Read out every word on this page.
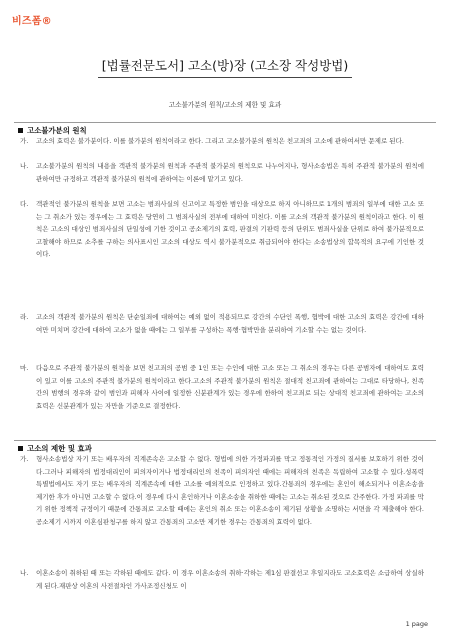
비즈폼®
[법률전문도서] 고소(방)장 (고소장 작성방법)
고소불가분의 원칙/고소의 제한 및 효과
고소불가분의 원칙
가. 고소의 효력은 불가분이다. 이를 불가분의 원칙이라고 한다. 그리고 고소불가분의 원칙은 친고죄의 고소에 관하여서만 문제로 된다.
나. 고소불가분의 원칙의 내용을 객관적 불가분의 원칙과 주관적 불가분의 원칙으로 나누어지나, 형사소송법은 특히 주관적 불가분의 원칙에 관하여만 규정하고 객관적 불가분의 원칙에 관하여는 이론에 맡기고 있다.
다. 객관적인 불가분의 원칙을 보면 고소는 범죄사실의 신고이고 특정한 범인을 대상으로 하지 아니하므로 1개의 범죄의 일부에 대한 고소 또는 그 취소가 있는 경우에는 그 효력은 당연히 그 범죄사실의 전부에 대하여 미친다. 이를 고소의 객관적 불가분의 원칙이라고 한다. 이 원칙은 고소의 대상인 범죄사실의 단일성에 기한 것이고 공소제기의 효력, 판결의 기판력 등의 단위도 범죄사실을 단위로 하여 불가분적으로 고찰해야 하므로 소추를 구하는 의사표시인 고소의 대상도 역시 불가분적으로 취급되어야 한다는 소송법상의 합목적의 요구에 기인한 것이다.
라. 고소의 객관적 불가분의 원칙은 단순일죄에 대하여는 예외 없이 적용되므로 강간의 수단인 폭행, 협박에 대한 고소의 효력은 강간에 대하여만 미치며 강간에 대하여 고소가 없을 때에는 그 일부를 구성하는 폭행·협박만을 분리하여 기소할 수는 없는 것이다.
마. 다음으로 주관적 불가분의 원칙을 보면 친고죄의 공범 중 1인 또는 수인에 대한 고소 또는 그 취소의 경우는 다른 공범자에 대하여도 효력이 있고 이를 고소의 주관적 불가분의 원칙이라고 한다.고소의 주관적 불가분의 원칙은 절대적 친고죄에 관하여는 그대로 타당하나, 친족 간의 범행의 경우와 같이 범인과 피해자 사이에 일정한 신분관계가 있는 경우에 한하여 친고죄로 되는 상대적 친고죄에 관하여는 고소의 효력은 신분관계가 있는 자만을 기준으로 결정한다.
고소의 제한 및 효과
가. 형사소송법상 자기 또는 배우자의 직계존속은 고소할 수 없다. 형법에 의한 가정파괴를 막고 정통적인 가정의 질서를 보호하기 위한 것이다.그러나 피해자의 법정대리인이 피의자이거나 법정대리인의 친족이 피의자인 때에는 피해자의 친족은 독립하여 고소할 수 있다.성폭력특별법에서도 자기 또는 배우자의 직계존속에 대한 고소를 예외적으로 인정하고 있다.간통죄의 경우에는 혼인이 해소되거나 이혼소송을 제기한 후가 아니면 고소할 수 없다.이 경우에 다시 혼인하거나 이혼소송을 취하한 때에는 고소는 취소된 것으로 간주한다. 가정 파괴를 막기 위한 정책적 규정이기 때문에 간통죄로 고소할 때에는 혼인의 취소 또는 이혼소송이 제기된 상황을 소명하는 서면을 각 제출해야 한다.공소제기 시까지 이혼심판청구를 하지 않고 간통죄의 고소만 제기한 경우는 간통죄의 효력이 없다.
나. 이혼소송이 취하된 때 또는 각하된 때에도 같다. 이 경우 이혼소송의 취하·각하는 제1심 판결선고 후일지라도 고소효력은 소급하여 상실하게 된다.재판상 이혼의 사전절차인 가사조정신청도 이
1 page
